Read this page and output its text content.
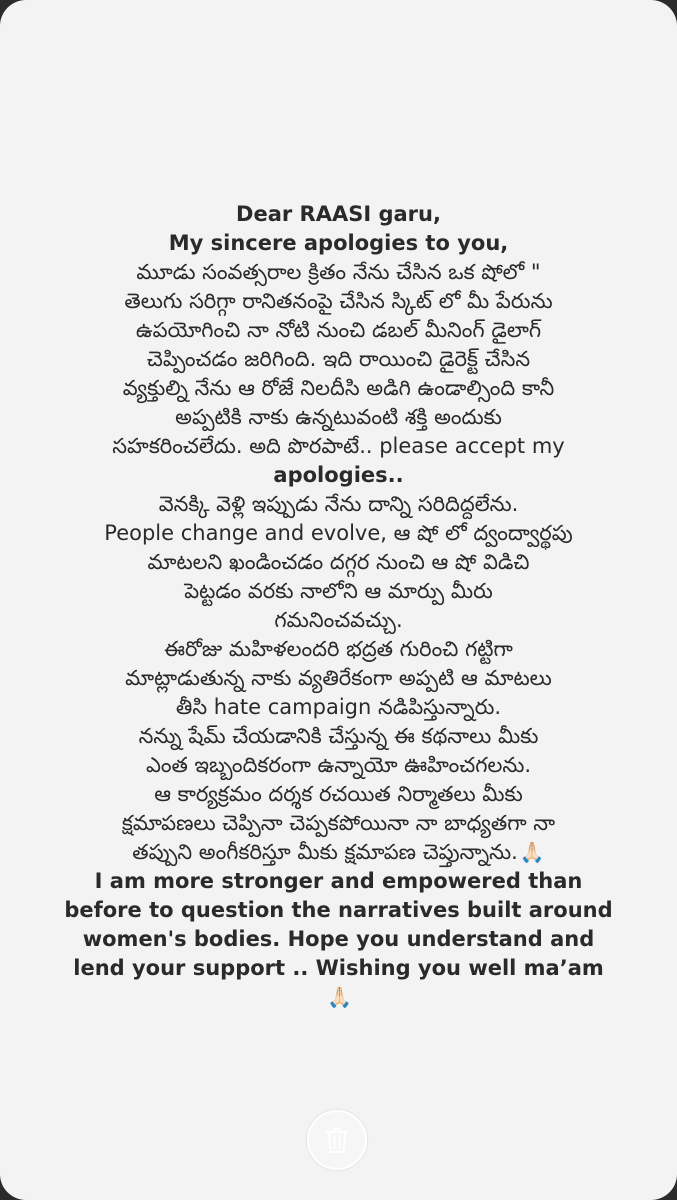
Dear RAASI garu,
My sincere apologies to you,
మూడు సంవత్సరాల క్రితం నేను చేసిన ఒక షోలో "
తెలుగు సరిగ్గా రానితనంపై చేసిన స్కిట్ లో మీ పేరును
ఉపయోగించి నా నోటి నుంచి డబల్ మీనింగ్ డైలాగ్
చెప్పించడం జరిగింది. ఇది రాయించి డైరెక్ట్ చేసిన
వ్యక్తుల్ని నేను ఆ రోజే నిలదీసి అడిగి ఉండాల్సింది కానీ
అప్పటికి నాకు ఉన్నటువంటి శక్తి అందుకు
సహకరించలేదు. అది పొరపాటే.. please accept my
apologies..
వెనక్కి వెళ్లి ఇప్పుడు నేను దాన్ని సరిదిద్దలేను.
People change and evolve, ఆ షో లో ద్వంద్వార్థపు
మాటలని ఖండించడం దగ్గర నుంచి ఆ షో విడిచి
పెట్టడం వరకు నాలోని ఆ మార్పు మీరు
గమనించవచ్చు.
ఈరోజు మహిళలందరి భద్రత గురించి గట్టిగా
మాట్లాడుతున్న నాకు వ్యతిరేకంగా అప్పటి ఆ మాటలు
తీసి hate campaign నడిపిస్తున్నారు.
నన్ను షేమ్ చేయడానికి చేస్తున్న ఈ కథనాలు మీకు
ఎంత ఇబ్బందికరంగా ఉన్నాయో ఊహించగలను.
ఆ కార్యక్రమం దర్శక రచయిత నిర్మాతలు మీకు
క్షమాపణలు చెప్పినా చెప్పకపోయినా నా బాధ్యతగా నా
తప్పుని అంగీకరిస్తూ మీకు క్షమాపణ చెప్తున్నాను. 🙏🏻
I am more stronger and empowered than
before to question the narratives built around
women's bodies. Hope you understand and
lend your support .. Wishing you well ma’am
🙏🏻
